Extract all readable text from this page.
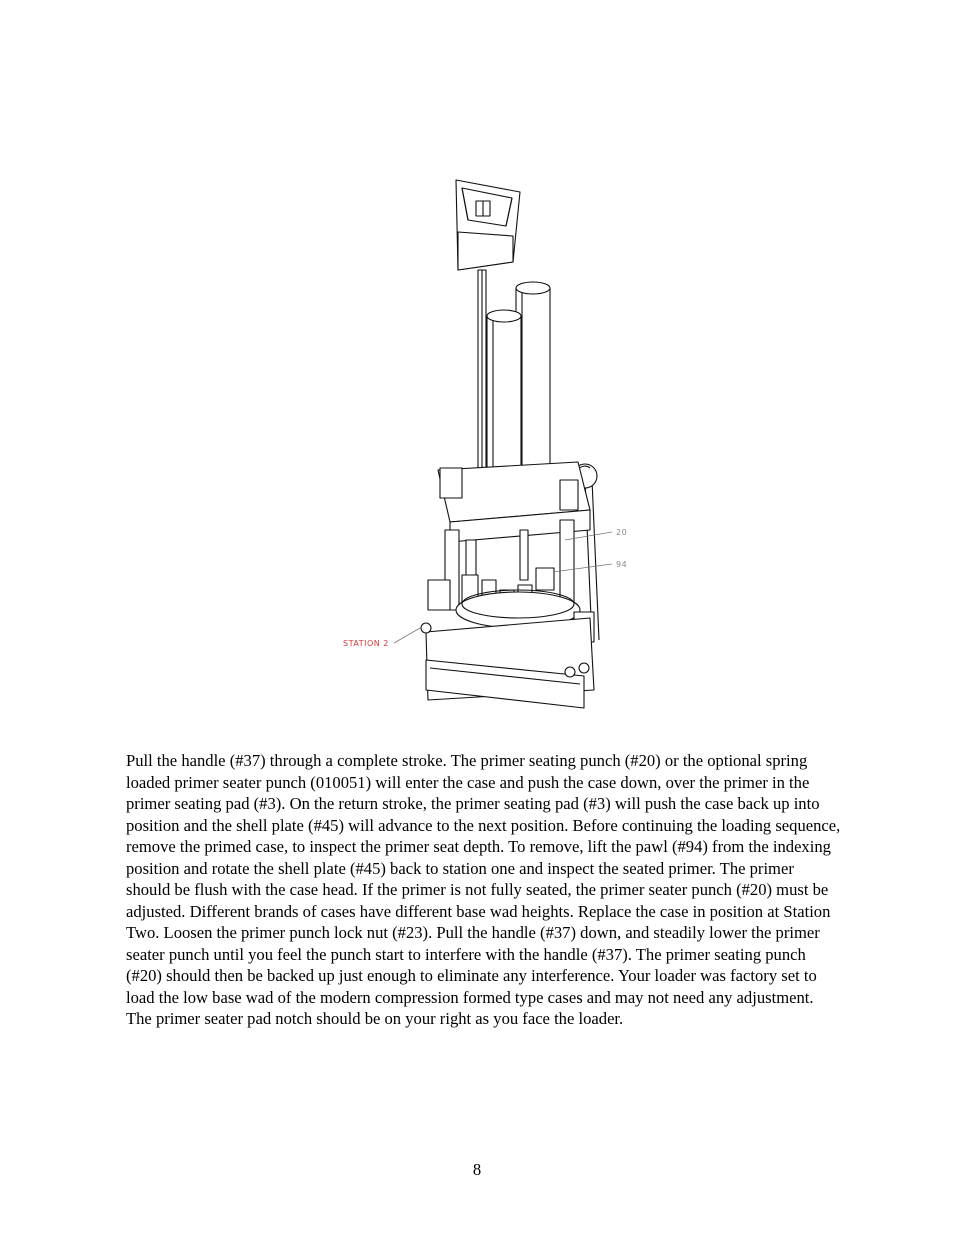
STATION 2
20
94

Pull the handle (#37) through a complete stroke. The primer seating punch (#20) or the optional spring loaded primer seater punch (010051) will enter the case and push the case down, over the primer in the primer seating pad (#3). On the return stroke, the primer seating pad (#3) will push the case back up into position and the shell plate (#45) will advance to the next position. Before continuing the loading sequence, remove the primed case, to inspect the primer seat depth. To remove, lift the pawl (#94) from the indexing position and rotate the shell plate (#45) back to station one and inspect the seated primer. The primer should be flush with the case head. If the primer is not fully seated, the primer seater punch (#20) must be adjusted. Different brands of cases have different base wad heights. Replace the case in position at Station Two. Loosen the primer punch lock nut (#23). Pull the handle (#37) down, and steadily lower the primer seater punch until you feel the punch start to interfere with the handle (#37). The primer seating punch (#20) should then be backed up just enough to eliminate any interference. Your loader was factory set to load the low base wad of the modern compression formed type cases and may not need any adjustment. The primer seater pad notch should be on your right as you face the loader.

8
